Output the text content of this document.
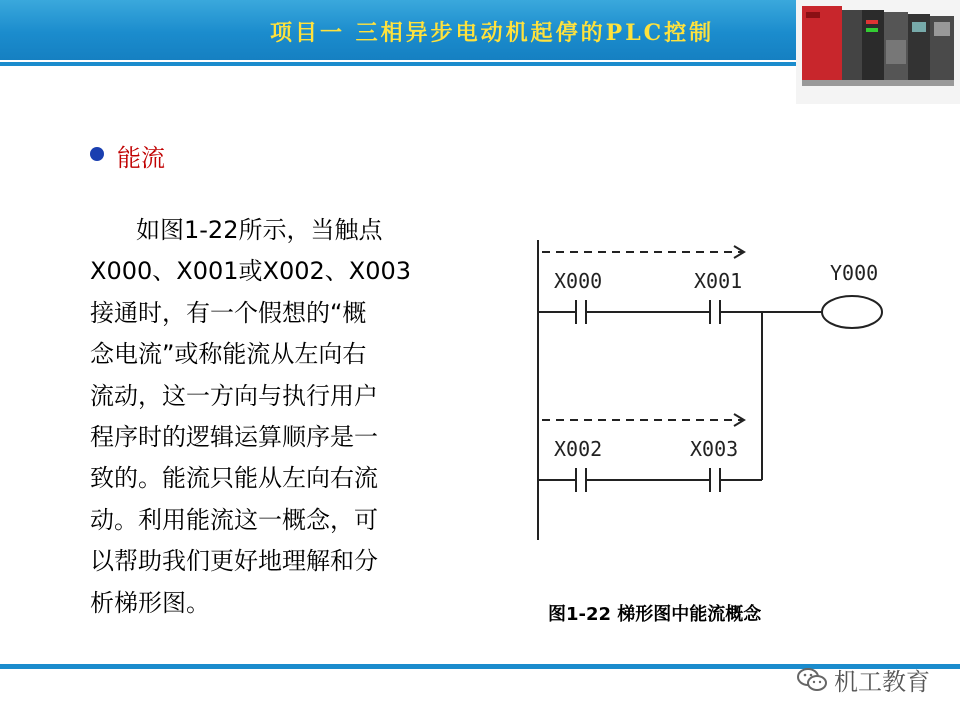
项目一 三相异步电动机起停的PLC控制
能流
如图1-22所示，当触点
X000、X001或X002、X003
接通时，有一个假想的“概
念电流”或称能流从左向右
流动，这一方向与执行用户
程序时的逻辑运算顺序是一
致的。能流只能从左向右流
动。利用能流这一概念，可
以帮助我们更好地理解和分
析梯形图。
X000	X001	Y000
X002	X003
图1-22 梯形图中能流概念
机工教育
